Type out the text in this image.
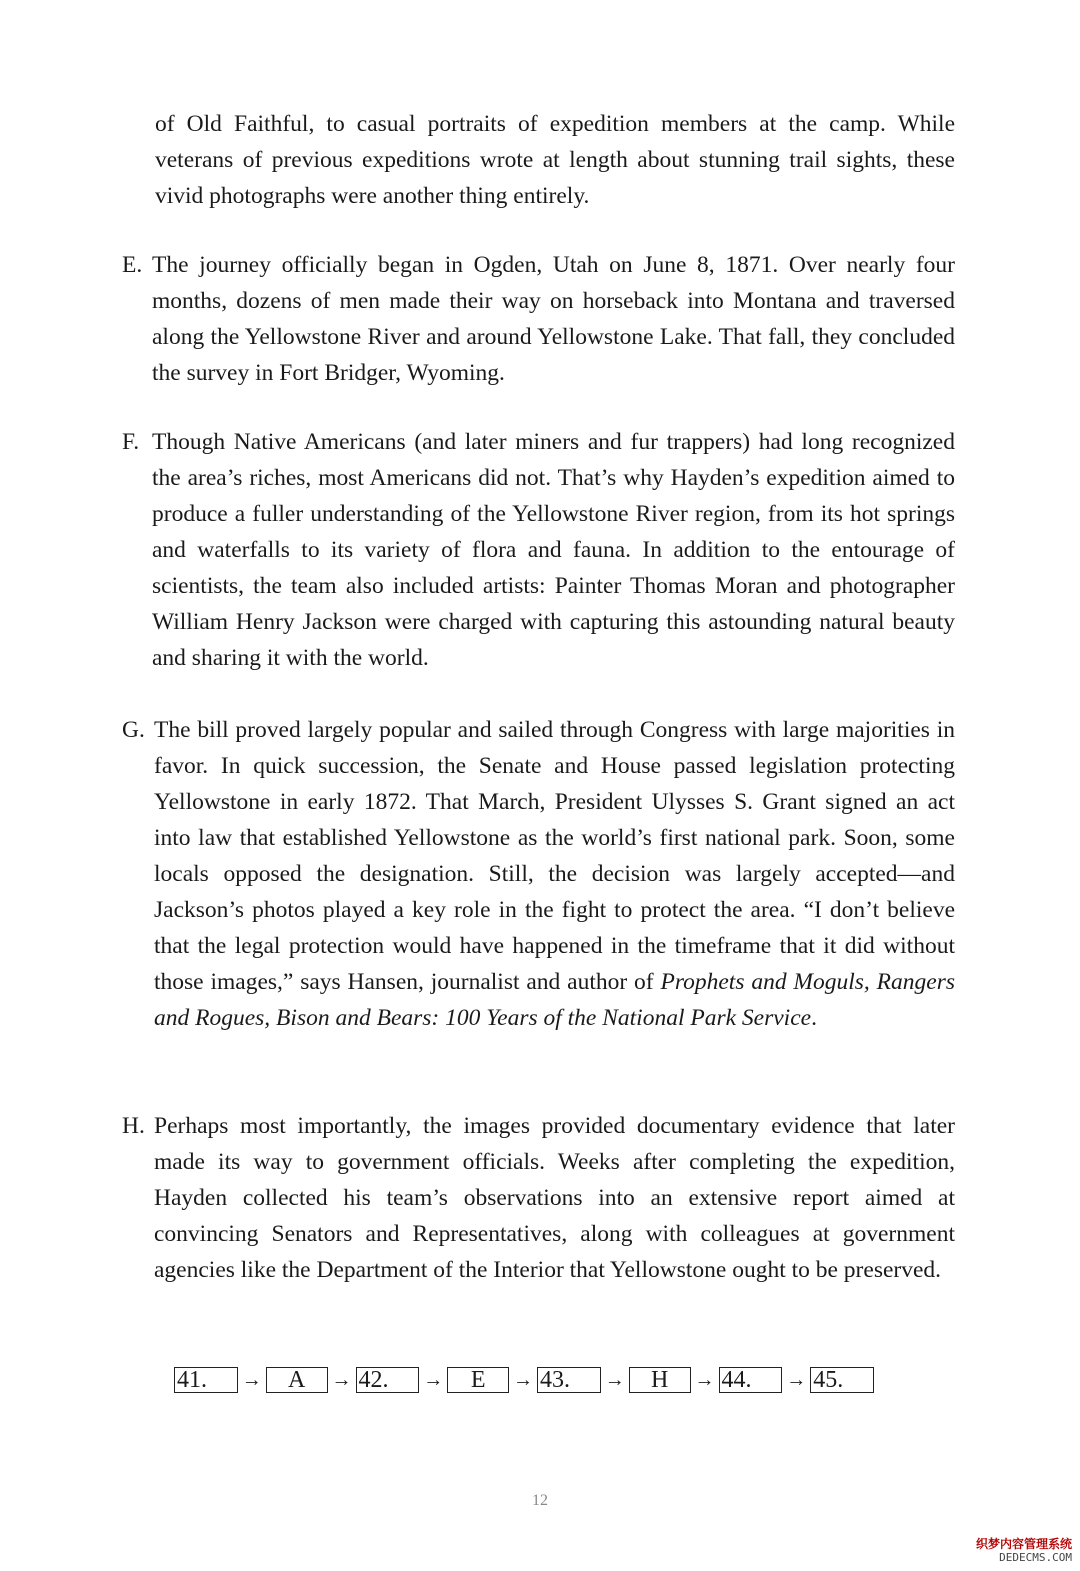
of Old Faithful, to casual portraits of expedition members at the camp. While veterans of previous expeditions wrote at length about stunning trail sights, these vivid photographs were another thing entirely.
E. The journey officially began in Ogden, Utah on June 8, 1871. Over nearly four months, dozens of men made their way on horseback into Montana and traversed along the Yellowstone River and around Yellowstone Lake. That fall, they concluded the survey in Fort Bridger, Wyoming.
F. Though Native Americans (and later miners and fur trappers) had long recognized the area’s riches, most Americans did not. That’s why Hayden’s expedition aimed to produce a fuller understanding of the Yellowstone River region, from its hot springs and waterfalls to its variety of flora and fauna. In addition to the entourage of scientists, the team also included artists: Painter Thomas Moran and photographer William Henry Jackson were charged with capturing this astounding natural beauty and sharing it with the world.
G. The bill proved largely popular and sailed through Congress with large majorities in favor. In quick succession, the Senate and House passed legislation protecting Yellowstone in early 1872. That March, President Ulysses S. Grant signed an act into law that established Yellowstone as the world’s first national park. Soon, some locals opposed the designation. Still, the decision was largely accepted—and Jackson’s photos played a key role in the fight to protect the area. “I don’t believe that the legal protection would have happened in the timeframe that it did without those images,” says Hansen, journalist and author of Prophets and Moguls, Rangers and Rogues, Bison and Bears: 100 Years of the National Park Service.
H. Perhaps most importantly, the images provided documentary evidence that later made its way to government officials. Weeks after completing the expedition, Hayden collected his team’s observations into an extensive report aimed at convincing Senators and Representatives, along with colleagues at government agencies like the Department of the Interior that Yellowstone ought to be preserved.
41.	→	A	→ 42.	→	E	→ 43.	→	H	→ 44.	→ 45.
12
织梦内容管理系统
DEDECMS.COM
